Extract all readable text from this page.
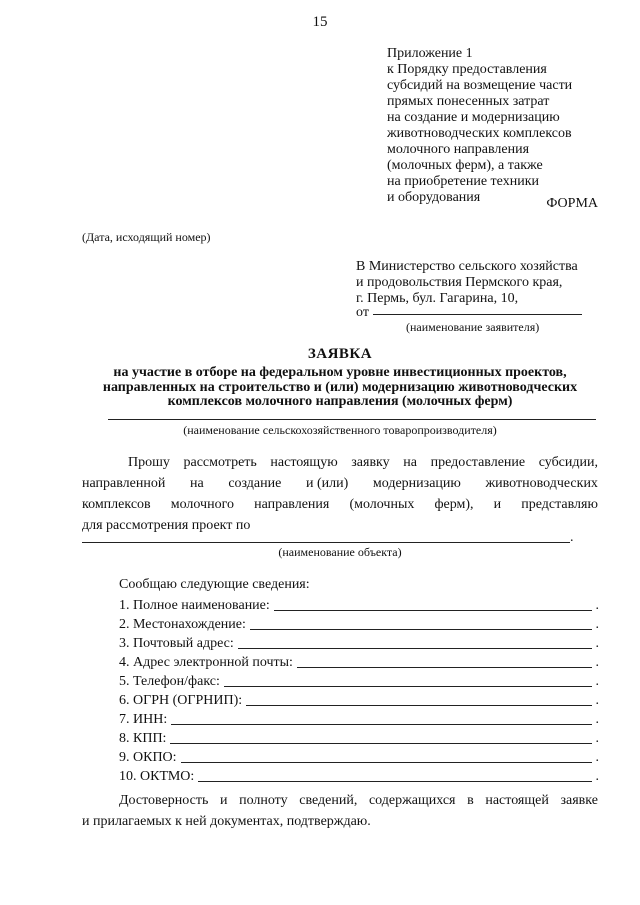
15
Приложение 1
к Порядку предоставления
субсидий на возмещение части
прямых понесенных затрат
на создание и модернизацию
животноводческих комплексов
молочного направления
(молочных ферм), а также
на приобретение техники
и оборудования	ФОРМА
(Дата, исходящий номер)
В Министерство сельского хозяйства
и продовольствия Пермского края,
г. Пермь, бул. Гагарина, 10,
от
(наименование заявителя)
ЗАЯВКА
на участие в отборе на федеральном уровне инвестиционных проектов,
направленных на строительство и (или) модернизацию животноводческих
комплексов молочного направления (молочных ферм)
(наименование сельскохозяйственного товаропроизводителя)
Прошу рассмотреть настоящую заявку на предоставление субсидии,
направленной на создание и (или) модернизацию животноводческих
комплексов молочного направления (молочных ферм), и представляю
для рассмотрения проект по
.
(наименование объекта)
Сообщаю следующие сведения:
1. Полное наименование:	.
2. Местонахождение:	.
3. Почтовый адрес:	.
4. Адрес электронной почты:	.
5. Телефон/факс:	.
6. ОГРН (ОГРНИП):	.
7. ИНН:	.
8. КПП:	.
9. ОКПО:	.
10. ОКТМО:	.
Достоверность и полноту сведений, содержащихся в настоящей заявке
и прилагаемых к ней документах, подтверждаю.
